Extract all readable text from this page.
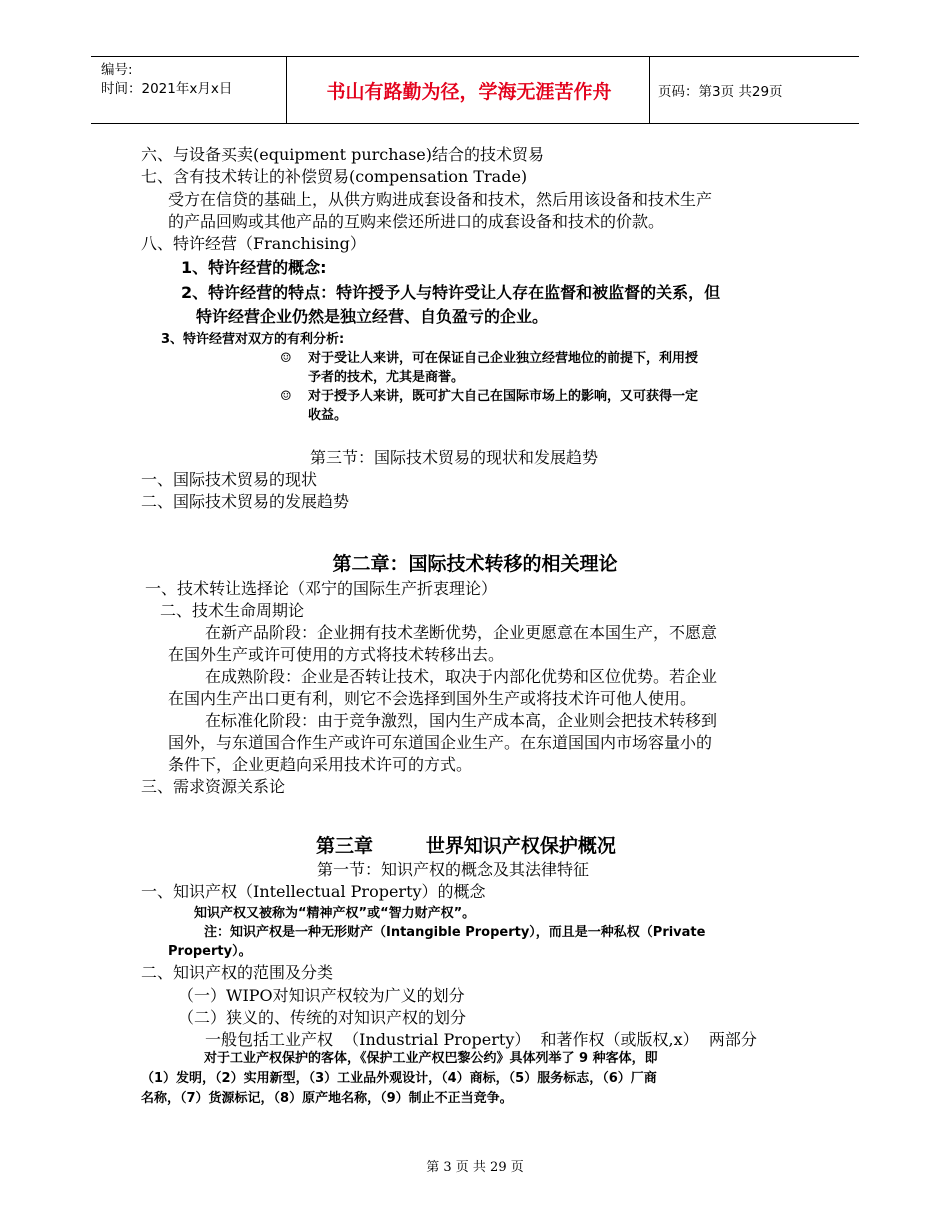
编号:
时间：2021年x月x日	书山有路勤为径，学海无涯苦作舟	页码：第3页 共29页
六、与设备买卖(equipment purchase)结合的技术贸易
七、含有技术转让的补偿贸易(compensation Trade)
受方在信贷的基础上，从供方购进成套设备和技术，然后用该设备和技术生产
的产品回购或其他产品的互购来偿还所进口的成套设备和技术的价款。
八、特许经营（Franchising）
1、特许经营的概念:
2、特许经营的特点：特许授予人与特许受让人存在监督和被监督的关系，但
特许经营企业仍然是独立经营、自负盈亏的企业。
3、特许经营对双方的有利分析:
☺ 对于受让人来讲，可在保证自己企业独立经营地位的前提下，利用授
予者的技术，尤其是商誉。
☺ 对于授予人来讲，既可扩大自己在国际市场上的影响，又可获得一定
收益。
第三节：国际技术贸易的现状和发展趋势
一、国际技术贸易的现状
二、国际技术贸易的发展趋势
第二章：国际技术转移的相关理论
一、技术转让选择论（邓宁的国际生产折衷理论）
二、技术生命周期论
在新产品阶段：企业拥有技术垄断优势，企业更愿意在本国生产，不愿意
在国外生产或许可使用的方式将技术转移出去。
在成熟阶段：企业是否转让技术，取决于内部化优势和区位优势。若企业
在国内生产出口更有利，则它不会选择到国外生产或将技术许可他人使用。
在标准化阶段：由于竞争激烈，国内生产成本高，企业则会把技术转移到
国外，与东道国合作生产或许可东道国企业生产。在东道国国内市场容量小的
条件下，企业更趋向采用技术许可的方式。
三、需求资源关系论
第三章        世界知识产权保护概况
第一节：知识产权的概念及其法律特征
一、知识产权（Intellectual Property）的概念
知识产权又被称为“精神产权”或“智力财产权”。
注：知识产权是一种无形财产（Intangible Property），而且是一种私权（Private
Property）。
二、知识产权的范围及分类
（一）WIPO对知识产权较为广义的划分
（二）狭义的、传统的对知识产权的划分
一般包括工业产权  （Industrial Property）  和著作权（或版权,x）  两部分
对于工业产权保护的客体，《保护工业产权巴黎公约》具体列举了 9 种客体，即
（1）发明，（2）实用新型，（3）工业品外观设计，（4）商标，（5）服务标志，（6）厂商
名称，（7）货源标记，（8）原产地名称，（9）制止不正当竞争。
第 3 页 共 29 页
